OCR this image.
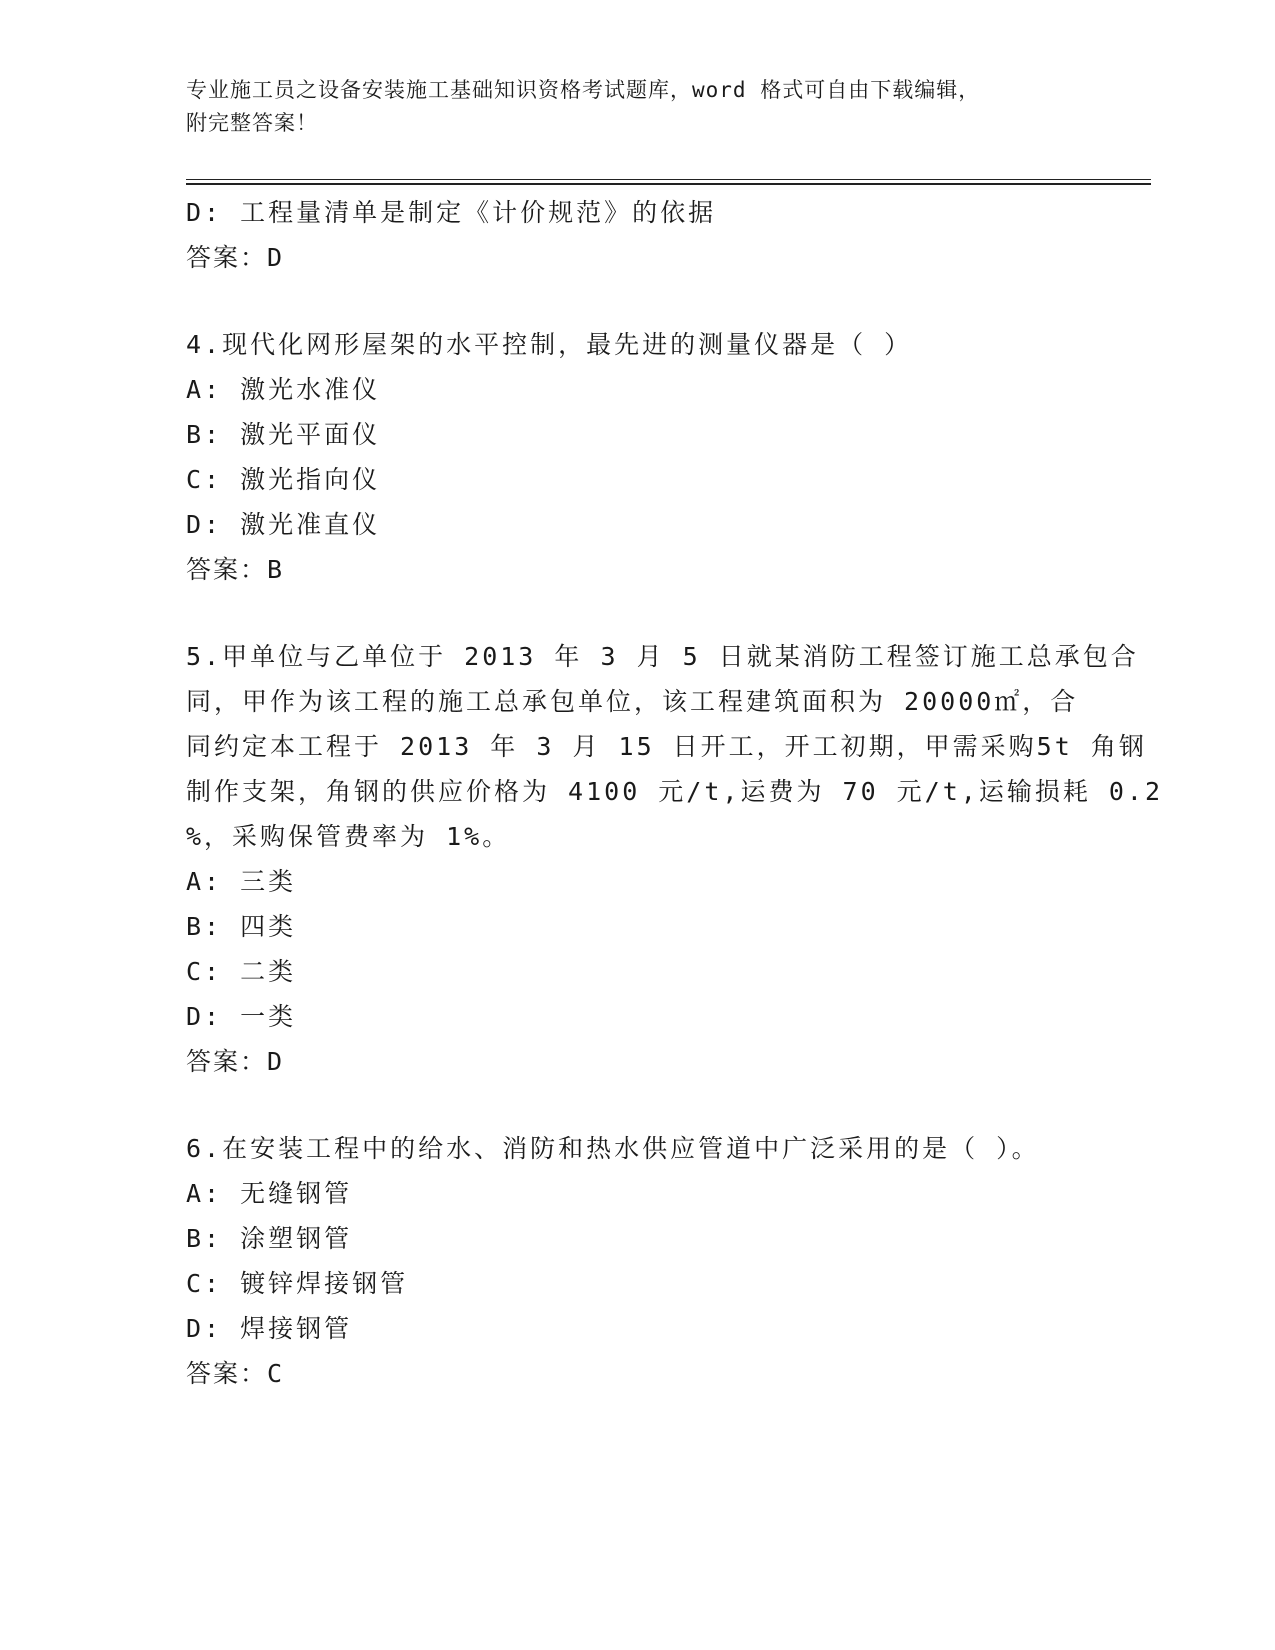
专业施工员之设备安装施工基础知识资格考试题库，word 格式可自由下载编辑，
附完整答案！
D: 工程量清单是制定《计价规范》的依据
答案：D
4.现代化网形屋架的水平控制，最先进的测量仪器是（ ）
A: 激光水准仪
B: 激光平面仪
C: 激光指向仪
D: 激光准直仪
答案：B
5.甲单位与乙单位于 2013 年 3 月 5 日就某消防工程签订施工总承包合
同，甲作为该工程的施工总承包单位，该工程建筑面积为 20000㎡，合
同约定本工程于 2013 年 3 月 15 日开工，开工初期，甲需采购5t 角钢
制作支架，角钢的供应价格为 4100 元/t,运费为 70 元/t,运输损耗 0.2
%，采购保管费率为 1%。
A: 三类
B: 四类
C: 二类
D: 一类
答案：D
6.在安装工程中的给水、消防和热水供应管道中广泛采用的是（ ）。
A: 无缝钢管
B: 涂塑钢管
C: 镀锌焊接钢管
D: 焊接钢管
答案：C
